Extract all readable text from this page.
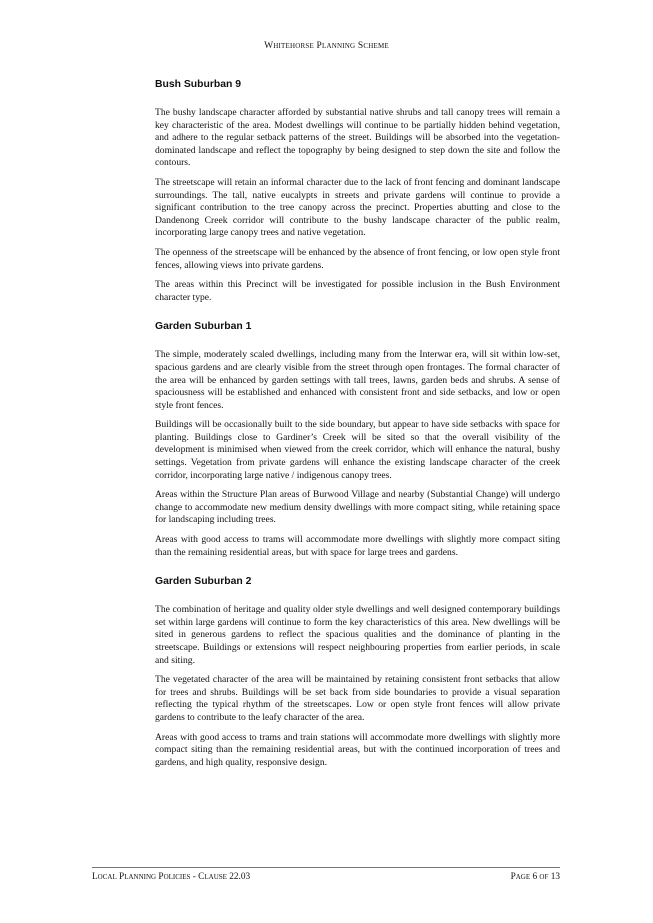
Whitehorse Planning Scheme
Bush Suburban 9

The bushy landscape character afforded by substantial native shrubs and tall canopy trees will remain a key characteristic of the area. Modest dwellings will continue to be partially hidden behind vegetation, and adhere to the regular setback patterns of the street. Buildings will be absorbed into the vegetation-dominated landscape and reflect the topography by being designed to step down the site and follow the contours.

The streetscape will retain an informal character due to the lack of front fencing and dominant landscape surroundings. The tall, native eucalypts in streets and private gardens will continue to provide a significant contribution to the tree canopy across the precinct. Properties abutting and close to the Dandenong Creek corridor will contribute to the bushy landscape character of the public realm, incorporating large canopy trees and native vegetation.

The openness of the streetscape will be enhanced by the absence of front fencing, or low open style front fences, allowing views into private gardens.

The areas within this Precinct will be investigated for possible inclusion in the Bush Environment character type.

Garden Suburban 1

The simple, moderately scaled dwellings, including many from the Interwar era, will sit within low-set, spacious gardens and are clearly visible from the street through open frontages. The formal character of the area will be enhanced by garden settings with tall trees, lawns, garden beds and shrubs. A sense of spaciousness will be established and enhanced with consistent front and side setbacks, and low or open style front fences.

Buildings will be occasionally built to the side boundary, but appear to have side setbacks with space for planting. Buildings close to Gardiner’s Creek will be sited so that the overall visibility of the development is minimised when viewed from the creek corridor, which will enhance the natural, bushy settings. Vegetation from private gardens will enhance the existing landscape character of the creek corridor, incorporating large native / indigenous canopy trees.

Areas within the Structure Plan areas of Burwood Village and nearby (Substantial Change) will undergo change to accommodate new medium density dwellings with more compact siting, while retaining space for landscaping including trees.

Areas with good access to trams will accommodate more dwellings with slightly more compact siting than the remaining residential areas, but with space for large trees and gardens.

Garden Suburban 2

The combination of heritage and quality older style dwellings and well designed contemporary buildings set within large gardens will continue to form the key characteristics of this area. New dwellings will be sited in generous gardens to reflect the spacious qualities and the dominance of planting in the streetscape. Buildings or extensions will respect neighbouring properties from earlier periods, in scale and siting.

The vegetated character of the area will be maintained by retaining consistent front setbacks that allow for trees and shrubs. Buildings will be set back from side boundaries to provide a visual separation reflecting the typical rhythm of the streetscapes. Low or open style front fences will allow private gardens to contribute to the leafy character of the area.

Areas with good access to trams and train stations will accommodate more dwellings with slightly more compact siting than the remaining residential areas, but with the continued incorporation of trees and gardens, and high quality, responsive design.

Local Planning Policies - Clause 22.03	Page 6 of 13
